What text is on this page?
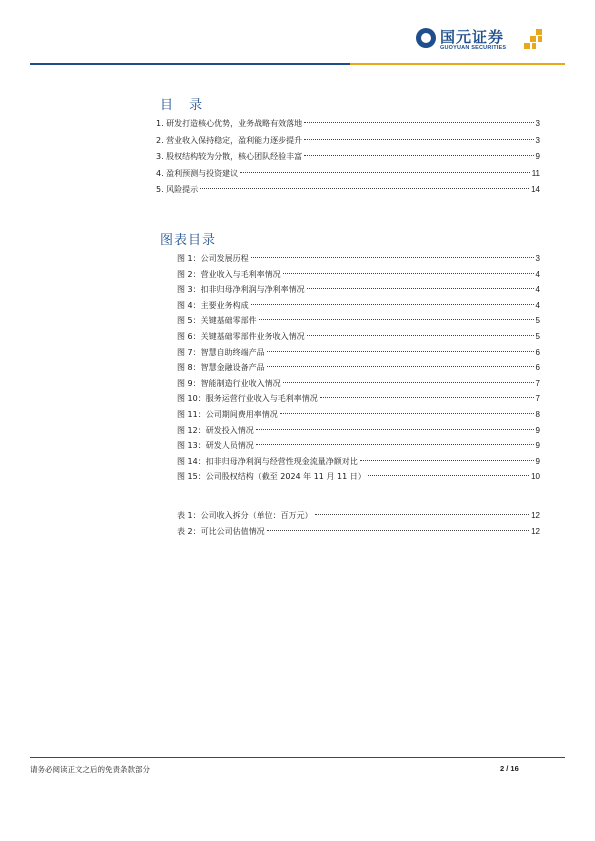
国元证券
GUOYUAN SECURITIES
目 录
1. 研发打造核心优势，业务战略有效落地	3
2. 营业收入保持稳定，盈利能力逐步提升	3
3. 股权结构较为分散，核心团队经验丰富	9
4. 盈利预测与投资建议	11
5. 风险提示	14
图表目录
图 1：公司发展历程	3
图 2：营业收入与毛利率情况	4
图 3：扣非归母净利润与净利率情况	4
图 4：主要业务构成	4
图 5：关键基础零部件	5
图 6：关键基础零部件业务收入情况	5
图 7：智慧自助终端产品	6
图 8：智慧金融设备产品	6
图 9：智能制造行业收入情况	7
图 10：服务运营行业收入与毛利率情况	7
图 11：公司期间费用率情况	8
图 12：研发投入情况	9
图 13：研发人员情况	9
图 14：扣非归母净利润与经营性现金流量净额对比	9
图 15：公司股权结构（截至 2024 年 11 月 11 日）	10
表 1：公司收入拆分（单位：百万元）	12
表 2：可比公司估值情况	12
请务必阅读正文之后的免责条款部分	2 / 16
